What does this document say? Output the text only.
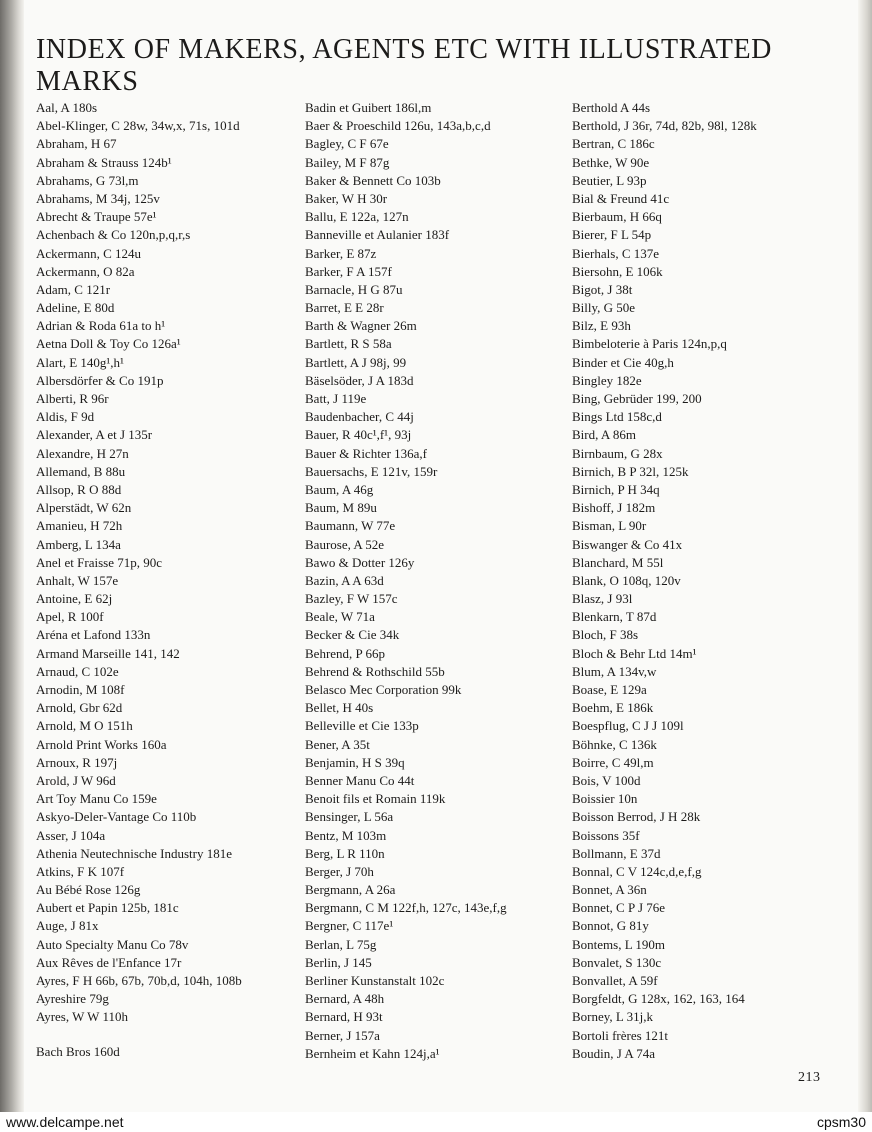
INDEX OF MAKERS, AGENTS ETC WITH ILLUSTRATED MARKS
Aal, A 180s
Abel-Klinger, C 28w, 34w,x, 71s, 101d
Abraham, H 67
Abraham & Strauss 124b¹
Abrahams, G 73l,m
Abrahams, M 34j, 125v
Abrecht & Traupe 57e¹
Achenbach & Co 120n,p,q,r,s
Ackermann, C 124u
Ackermann, O 82a
Adam, C 121r
Adeline, E 80d
Adrian & Roda 61a to h¹
Aetna Doll & Toy Co 126a¹
Alart, E 140g¹,h¹
Albersdörfer & Co 191p
Alberti, R 96r
Aldis, F 9d
Alexander, A et J 135r
Alexandre, H 27n
Allemand, B 88u
Allsop, R O 88d
Alperstädt, W 62n
Amanieu, H 72h
Amberg, L 134a
Anel et Fraisse 71p, 90c
Anhalt, W 157e
Antoine, E 62j
Apel, R 100f
Aréna et Lafond 133n
Armand Marseille 141, 142
Arnaud, C 102e
Arnodin, M 108f
Arnold, Gbr 62d
Arnold, M O 151h
Arnold Print Works 160a
Arnoux, R 197j
Arold, J W 96d
Art Toy Manu Co 159e
Askyo-Deler-Vantage Co 110b
Asser, J 104a
Athenia Neutechnische Industry 181e
Atkins, F K 107f
Au Bébé Rose 126g
Aubert et Papin 125b, 181c
Auge, J 81x
Auto Specialty Manu Co 78v
Aux Rêves de l'Enfance 17r
Ayres, F H 66b, 67b, 70b,d, 104h, 108b
Ayreshire 79g
Ayres, W W 110h
Bach Bros 160d
Badin et Guibert 186l,m
Baer & Proeschild 126u, 143a,b,c,d
Bagley, C F 67e
Bailey, M F 87g
Baker & Bennett Co 103b
Baker, W H 30r
Ballu, E 122a, 127n
Banneville et Aulanier 183f
Barker, E 87z
Barker, F A 157f
Barnacle, H G 87u
Barret, E E 28r
Barth & Wagner 26m
Bartlett, R S 58a
Bartlett, A J 98j, 99
Bäselsöder, J A 183d
Batt, J 119e
Baudenbacher, C 44j
Bauer, R 40c¹,f¹, 93j
Bauer & Richter 136a,f
Bauersachs, E 121v, 159r
Baum, A 46g
Baum, M 89u
Baumann, W 77e
Baurose, A 52e
Bawo & Dotter 126y
Bazin, A A 63d
Bazley, F W 157c
Beale, W 71a
Becker & Cie 34k
Behrend, P 66p
Behrend & Rothschild 55b
Belasco Mec Corporation 99k
Bellet, H 40s
Belleville et Cie 133p
Bener, A 35t
Benjamin, H S 39q
Benner Manu Co 44t
Benoit fils et Romain 119k
Bensinger, L 56a
Bentz, M 103m
Berg, L R 110n
Berger, J 70h
Bergmann, A 26a
Bergmann, C M 122f,h, 127c, 143e,f,g
Bergner, C 117e¹
Berlan, L 75g
Berlin, J 145
Berliner Kunstanstalt 102c
Bernard, A 48h
Bernard, H 93t
Berner, J 157a
Bernheim et Kahn 124j,a¹
Berthold A 44s
Berthold, J 36r, 74d, 82b, 98l, 128k
Bertran, C 186c
Bethke, W 90e
Beutier, L 93p
Bial & Freund 41c
Bierbaum, H 66q
Bierer, F L 54p
Bierhals, C 137e
Biersohn, E 106k
Bigot, J 38t
Billy, G 50e
Bilz, E 93h
Bimbeloterie à Paris 124n,p,q
Binder et Cie 40g,h
Bingley 182e
Bing, Gebrüder 199, 200
Bings Ltd 158c,d
Bird, A 86m
Birnbaum, G 28x
Birnich, B P 32l, 125k
Birnich, P H 34q
Bishoff, J 182m
Bisman, L 90r
Biswanger & Co 41x
Blanchard, M 55l
Blank, O 108q, 120v
Blasz, J 93l
Blenkarn, T 87d
Bloch, F 38s
Bloch & Behr Ltd 14m¹
Blum, A 134v,w
Boase, E 129a
Boehm, E 186k
Boespflug, C J J 109l
Böhnke, C 136k
Boirre, C 49l,m
Bois, V 100d
Boissier 10n
Boisson Berrod, J H 28k
Boissons 35f
Bollmann, E 37d
Bonnal, C V 124c,d,e,f,g
Bonnet, A 36n
Bonnet, C P J 76e
Bonnot, G 81y
Bontems, L 190m
Bonvalet, S 130c
Bonvallet, A 59f
Borgfeldt, G 128x, 162, 163, 164
Borney, L 31j,k
Bortoli frères 121t
Boudin, J A 74a
213
www.delcampe.net	cpsm30
